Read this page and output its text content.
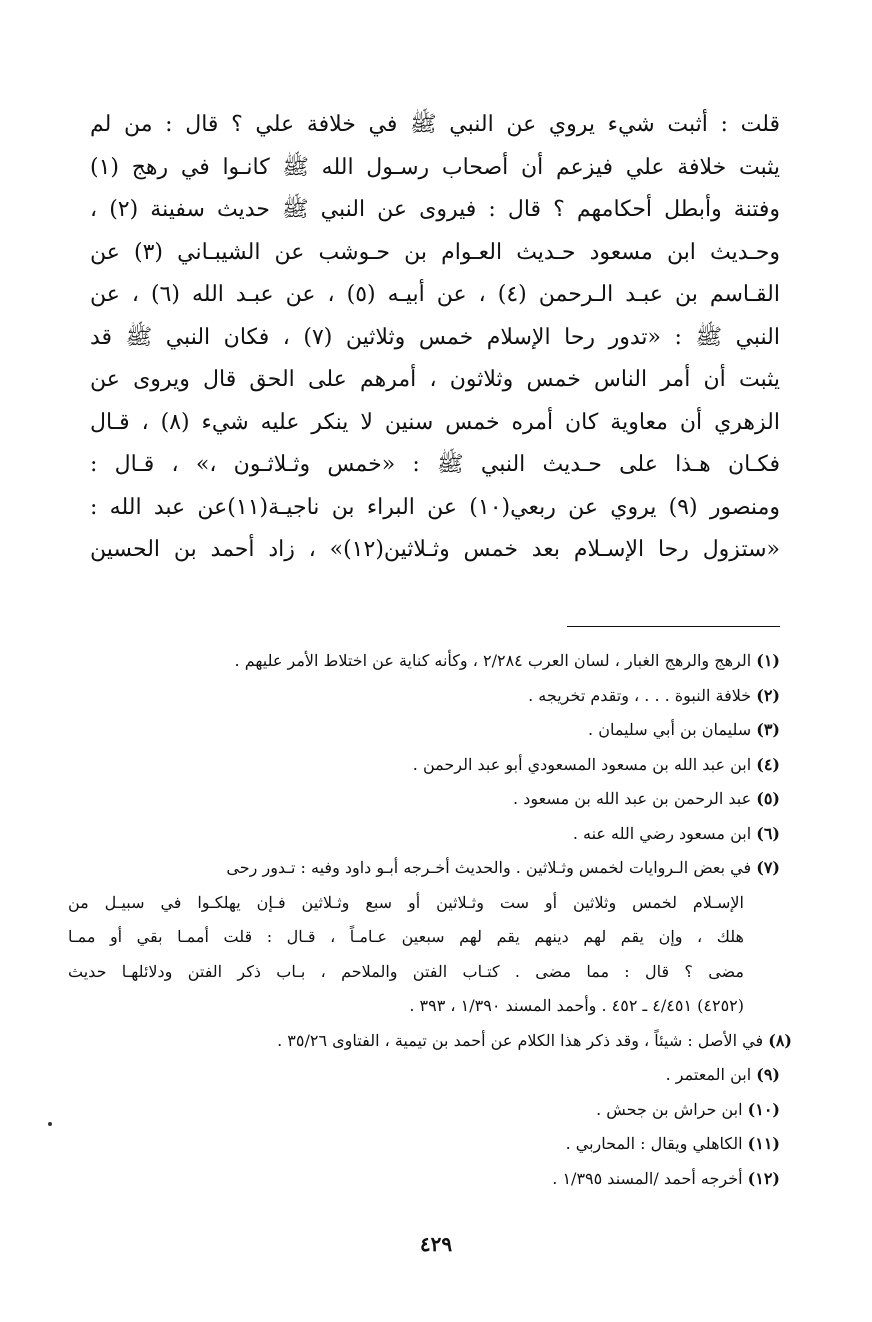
قلت : أثبت شيء يروي عن النبي ﷺ في خلافة علي ؟ قال : من لم
يثبت خلافة علي فيزعم أن أصحاب رسـول الله ﷺ كانـوا في رهج (١)
وفتنة وأبطل أحكامهم ؟ قال : فيروى عن النبي ﷺ حديث سفينة (٢) ،
وحـديث ابن مسعود حـديث العـوام بن حـوشب عن الشيبـاني (٣) عن
القـاسم بن عبـد الـرحمن (٤) ، عن أبيـه (٥) ، عن عبـد الله (٦) ، عن
النبي ﷺ : «تدور رحا الإسلام خمس وثلاثين (٧) ، فكان النبي ﷺ قد
يثبت أن أمر الناس خمس وثلاثون ، أمرهم على الحق قال ويروى عن
الزهري أن معاوية كان أمره خمس سنين لا ينكر عليه شيء (٨) ، قـال
فكـان هـذا على حـديث النبي ﷺ : «خمس وثـلاثـون ،» ، قـال :
ومنصور (٩) يروي عن ربعي(١٠) عن البراء بن ناجيـة(١١)عن عبد الله :
«ستزول رحا الإسـلام بعد خمس وثـلاثين(١٢)» ، زاد أحمد بن الحسين
(١) الرهج والرهج الغبار ، لسان العرب ٢/٢٨٤ ، وكأنه كناية عن اختلاط الأمر عليهم .
(٢) خلافة النبوة . . . ، وتقدم تخريجه .
(٣) سليمان بن أبي سليمان .
(٤) ابن عبد الله بن مسعود المسعودي أبو عبد الرحمن .
(٥) عبد الرحمن بن عبد الله بن مسعود .
(٦) ابن مسعود رضي الله عنه .
(٧) في بعض الـروايات لخمس وثـلاثين . والحديث أخـرجه أبـو داود وفيه : تـدور رحى
الإسـلام لخمس وثلاثين أو ست وثـلاثين أو سبع وثـلاثين فـإن يهلكـوا في سبيـل من
هلك ، وإن يقم لهم دينهم يقم لهم سبعين عـامـاً ، قـال : قلت أممـا بقي أو ممـا
مضى ؟ قال : مما مضى . كتـاب الفتن والملاحم ، بـاب ذكر الفتن ودلائلهـا حديث
(٤٢٥٢) ٤/٤٥١ ـ ٤٥٢ . وأحمد المسند ١/٣٩٠ ، ٣٩٣ .
(٨) في الأصل : شيئاً ، وقد ذكر هذا الكلام عن أحمد بن تيمية ، الفتاوى ٣٥/٢٦ .
(٩) ابن المعتمر .
(١٠) ابن حراش بن جحش .
(١١) الكاهلي ويقال : المحاربي .
(١٢) أخرجه أحمد /المسند ١/٣٩٥ .
٤٢٩
